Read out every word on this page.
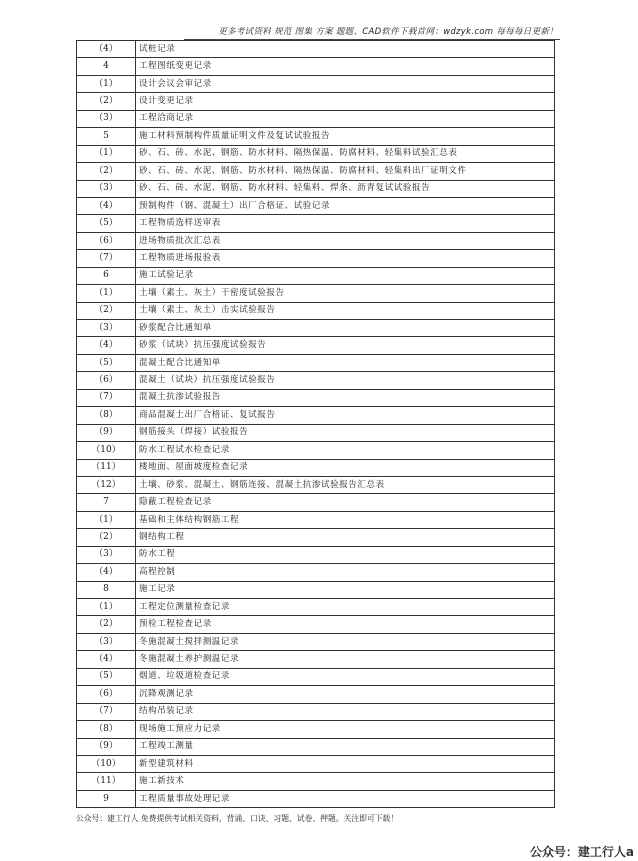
更多考试资料 规范 图集 方案 题题、CAD软件下载首网：wdzyk.com 每每每日更新！
（4）	试桩记录
4	工程图纸变更记录
（1）	设计会议会审记录
（2）	设计变更记录
（3）	工程洽商记录
5	施工材料预制构件质量证明文件及复试试验报告
（1）	砂、石、砖、水泥、钢筋、防水材料、隔热保温、防腐材料、轻集料试验汇总表
（2）	砂、石、砖、水泥、钢筋、防水材料、隔热保温、防腐材料、轻集料出厂证明文件
（3）	砂、石、砖、水泥、钢筋、防水材料、轻集料、焊条、沥青复试试验报告
（4）	预制构件（钢、混凝土）出厂合格证、试验记录
（5）	工程物质选样送审表
（6）	进场物质批次汇总表
（7）	工程物质进场报验表
6	施工试验记录
（1）	土壤（素土、灰土）干密度试验报告
（2）	土壤（素土、灰土）击实试验报告
（3）	砂浆配合比通知单
（4）	砂浆（试块）抗压强度试验报告
（5）	混凝土配合比通知单
（6）	混凝土（试块）抗压强度试验报告
（7）	混凝土抗渗试验报告
（8）	商品混凝土出厂合格证、复试报告
（9）	钢筋接头（焊接）试验报告
（10）	防水工程试水检查记录
（11）	楼地面、屋面坡度检查记录
（12）	土壤、砂浆、混凝土、钢筋连接、混凝土抗渗试验报告汇总表
7	隐蔽工程检查记录
（1）	基础和主体结构钢筋工程
（2）	钢结构工程
（3）	防水工程
（4）	高程控制
8	施工记录
（1）	工程定位测量检查记录
（2）	预检工程检查记录
（3）	冬施混凝土搅拌测温记录
（4）	冬施混凝土养护测温记录
（5）	烟道、垃圾道检查记录
（6）	沉降观测记录
（7）	结构吊装记录
（8）	现场施工预应力记录
（9）	工程竣工测量
（10）	新型建筑材料
（11）	施工新技术
9	工程质量事故处理记录
公众号：建工行人 免费提供考试相关资料，背诵、口诀、习题、试卷、押题。关注即可下载！
公众号：建工行人a
